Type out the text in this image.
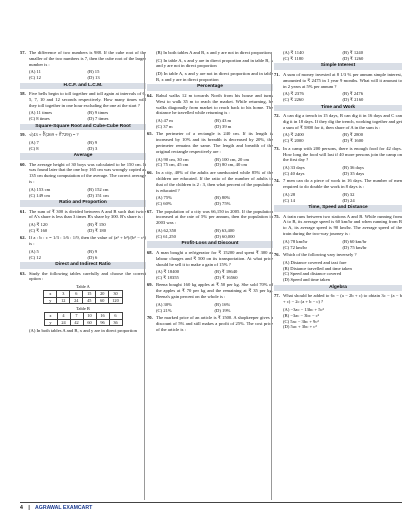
57. The difference of two numbers is 988. If the cube root of the smaller of the two numbers is 7, then the cube root of the larger number is :
(A) 11	(B) 15
(C) 12	(D) 13
H.C.F. and L.C.M.
58. Five bells begin to toll together and toll again at intervals of 6, 5, 7, 10 and 12 seconds respectively. How many times will they toll together in one hour excluding the one at the start ?
(A) 11 times	(B) 9 times
(C) 8 times	(D) 7 times
Square-Square Root and Cube-Cube Root
59. √(43 + ∛(269 + ∜729)) = ?
(A) 7	(B) 9
(C) 8	(D) 3
Average
60. The average height of 30 boys was calculated to be 150 cm. It was found later that the one boy 165 cm was wrongly copied as 135 cm during computation of the average. The correct average is :
(A) 153 cm	(B) 152 cm
(C) 149 cm	(D) 151 cm
Ratio and Proportion
61. The sum of ₹ 300 is divided between A and B such that twice of A's share is less than 3 times B's share by 300. B's share is :
(A) ₹ 120	(B) ₹ 150
(C) ₹ 160	(D) ₹ 180
62. If a : b : c = 1/3 : 1/6 : 1/9, then the value of (a² + b²)/(b² − c²) is :
(A) 5	(B) 9
(C) 12	(D) 6
Direct and Indirect Ratio
63. Study the following tables carefully and choose the correct option :
Table A
x	3	6	15	20	30
y	12	24	45	60	120
Table B
x	4	7	10	16	6
y	24	42	60	96	36
(A) In both tables A and B, x and y are in direct proportion
(B) In both tables A and B, x and y are not in direct proportion
(C) In table A, x and y are in direct proportion and in table B, x and y are not in direct proportion
(D) In table A, x and y are not in direct proportion and in table B, x and y are in direct proportion
Percentage
64. Rahul walks 12 m towards North from his house and turns West to walk 35 m to reach the market. While returning, he walks diagonally from market to reach back to his home. The distance he travelled while returning is :
(A) 47 m	(B) 43 m
(C) 37 m	(D) 39 m
65. The perimeter of a rectangle is 240 cm. If its length is increased by 10% and its breadth is decreased by 20%, the perimeter remains the same. The length and breadth of the original rectangle respectively are :
(A) 90 cm, 30 cm	(B) 100 cm, 20 cm
(C) 75 cm, 45 cm	(D) 80 cm, 40 cm
66. In a city, 40% of the adults are uneducated while 85% of the children are educated. If the ratio of the number of adults to that of the children is 2 : 3, then what percent of the population is educated ?
(A) 75%	(B) 80%
(C) 60%	(D) 75%
67. The population of a city was 66,150 in 2005. If the population increased at the rate of 5% per annum, then the population in 2003 was :
(A) 62,350	(B) 63,400
(C) 61,250	(D) 60,000
Profit-Loss and Discount
68. A man bought a refrigerator for ₹ 15200 and spent ₹ 300 as labour charges and ₹ 500 on its transportation. At what price should he sell it to make a gain of 15% ?
(A) ₹ 18400	(B) ₹ 18640
(C) ₹ 18355	(D) ₹ 16560
69. Beena bought 160 kg apples at ₹ 50 per kg. She sold 70% of the apples at ₹ 70 per kg and the remaining at ₹ 35 per kg. Beena's gain percent on the whole is :
(A) 30%	(B) 16%
(C) 21%	(D) 19%
70. The marked price of an article is ₹ 1500. A shopkeeper gives a discount of 5% and still makes a profit of 25%. The cost price of the article is :
(A) ₹ 1140	(B) ₹ 1240
(C) ₹ 1180	(D) ₹ 1260
Simple Interest
71. A sum of money invested at 8 1/3 % per annum simple interest, amounted to ₹ 2475 in 1 year 9 months. What will it amount to in 2 years at 5% per annum ?
(A) ₹ 2376	(B) ₹ 2476
(C) ₹ 2260	(D) ₹ 2160
Time and Work
72. A can dig a trench in 15 days, B can dig it in 16 days and C can dig it in 18 days. If they dig the trench, working together and get a sum of ₹ 5800 for it, then share of A in the sum is :
(A) ₹ 2400	(B) ₹ 2800
(C) ₹ 2000	(D) ₹ 1600
73. In a camp with 200 persons, there is enough food for 42 days. How long the food will last if 40 more persons join the camp on the first day ?
(A) 33 days	(B) 36 days
(C) 40 days	(D) 35 days
74. 7 men can do a piece of work in 16 days. The number of men required to do double the work in 8 days is :
(A) 28	(B) 32
(C) 14	(D) 24
Time, Speed and Distance
75. A train runs between two stations A and B. While running from A to B, its average speed is 60 km/hr and when running from B to A, its average speed is 90 km/hr. The average speed of the train during the two-way journey is :
(A) 78 km/hr	(B) 60 km/hr
(C) 72 km/hr	(D) 75 km/hr
76. Which of the following vary inversely ?
(A) Distance covered and taxi fare
(B) Distance travelled and time taken
(C) Speed and distance covered
(D) Speed and time taken
Algebra
77. What should be added to 6c − (a − 2b + c) to obtain 3c − (a − b + c) − 2c (a + b − c) ?
(A) −3ac − 13bc + 5c²
(B) −3ac − 3bc − c²
(C) 5ac − 3bc + 9c²
(D) 5ac + 3bc + c²
4 | AGRAWAL EXAMCART
